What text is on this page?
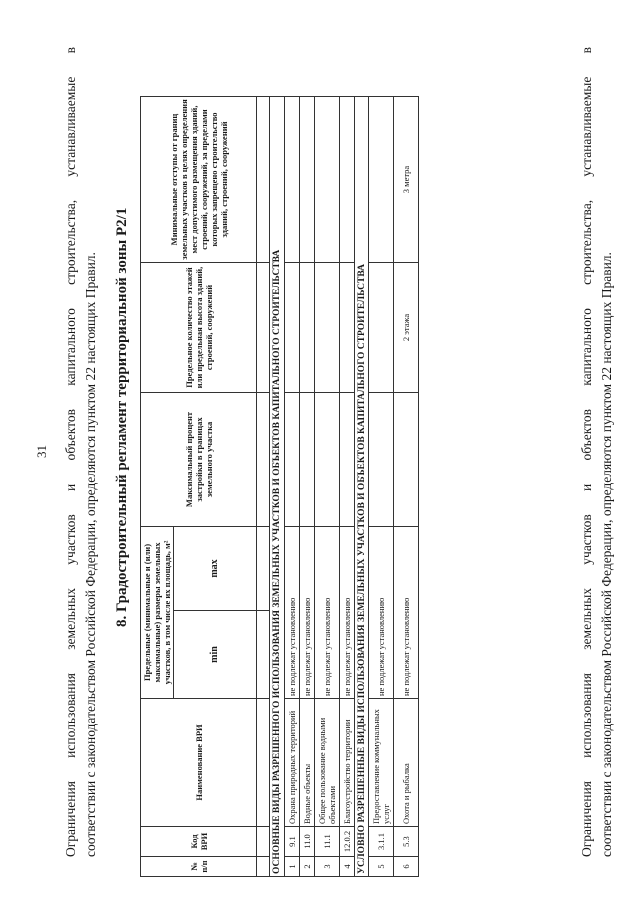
31 Ограничения использования земельных участков и объектов капитального строительства, устанавливаемые в соответствии с законодательством Российской Федерации, определяются пунктом 22 настоящих Правил. 8. Градостроительный регламент территориальной зоны Р2/1
№ п/п	Код ВРИ	Наименование ВРИ	Предельные (минимальные и (или) максимальные) размеры земельных участков, в том числе их площадь, м²		Максимальный процент застройки в границах земельного участка	Предельное количество этажей или предельная высота зданий, строений, сооружений	Минимальные отступы от границ земельных участков в целях определения мест допустимого размещения зданий, строений, сооружений, за пределами которых запрещено строительство зданий, строений, сооружений

			min	max			

ОСНОВНЫЕ ВИДЫ РАЗРЕШЕННОГО ИСПОЛЬЗОВАНИЯ ЗЕМЕЛЬНЫХ УЧАСТКОВ И ОБЪЕКТОВ КАПИТАЛЬНОГО СТРОИТЕЛЬСТВА							
1	9.1	Охрана природных территорий	не подлежат установлению				
2	11.0	Водные объекты	не подлежат установлению				
3	11.1	Общее пользование водными объектами	не подлежат установлению				
4	12.0.2	Благоустройство территории	не подлежат установлению				
УСЛОВНО РАЗРЕШЕННЫЕ ВИДЫ ИСПОЛЬЗОВАНИЯ ЗЕМЕЛЬНЫХ УЧАСТКОВ И ОБЪЕКТОВ КАПИТАЛЬНОГО СТРОИТЕЛЬСТВА							
5	3.1.1	Предоставление коммунальных услуг	не подлежат установлению				
6	5.3	Охота и рыбалка	не подлежат установлению			2 этажа	3 метра	Ограничения использования земельных участков и объектов капитального строительства, устанавливаемые в соответствии с законодательством Российской Федерации, определяются пунктом 22 настоящих Правил.
